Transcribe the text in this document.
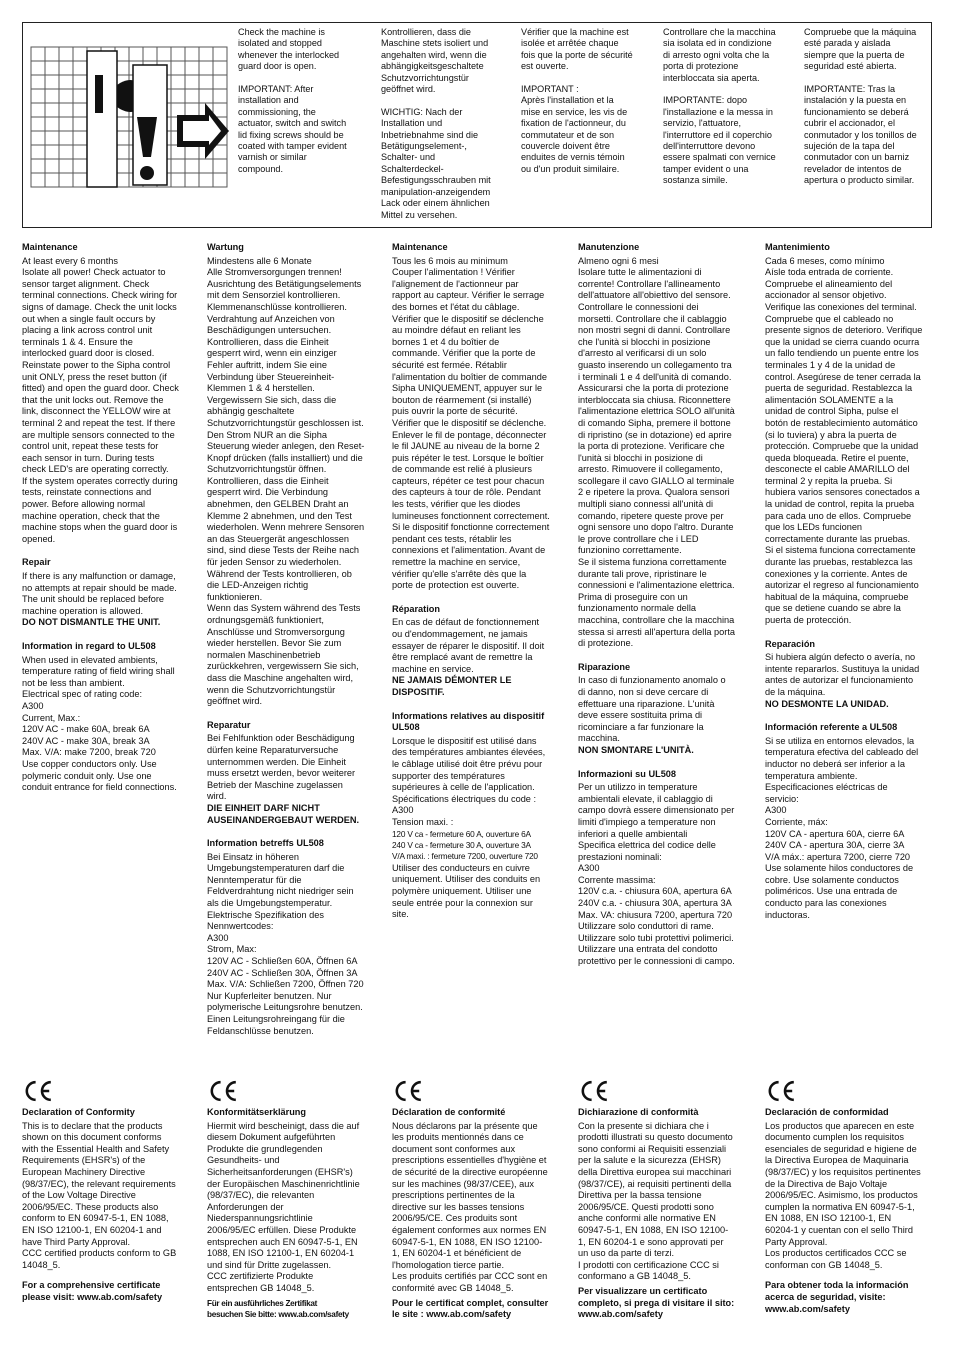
Check the machine is
isolated and stopped
whenever the interlocked
guard door is open.

IMPORTANT: After
installation and
commissioning, the
actuator, switch and switch
lid fixing screws should be
coated with tamper evident
varnish or similar
compound.
Kontrollieren, dass die
Maschine stets isoliert und
angehalten wird, wenn die
abhängigkeitsgeschaltete
Schutzvorrichtungstür
geöffnet wird.

WICHTIG: Nach der
Installation und
Inbetriebnahme sind die
Betätigungselement-,
Schalter- und
Schalterdeckel-
Befestigungsschrauben mit
manipulation-anzeigendem
Lack oder einem ähnlichen
Mittel zu versehen.
Vérifier que la machine est
isolée et arrêtée chaque
fois que la porte de sécurité
est ouverte.

IMPORTANT :
Après l'installation et la
mise en service, les vis de
fixation de l'actionneur, du
commutateur et de son
couvercle doivent être
enduites de vernis témoin
ou d'un produit similaire.
Controllare che la macchina
sia isolata ed in condizione
di arresto ogni volta che la
porta di protezione
interbloccata sia aperta.

IMPORTANTE: dopo
l'installazione e la messa in
servizio, l'attuatore,
l'interruttore ed il coperchio
dell'interruttore devono
essere spalmati con vernice
tamper evident o una
sostanza simile.
Compruebe que la máquina
esté parada y aislada
siempre que la puerta de
seguridad esté abierta.

IMPORTANTE: Tras la
instalación y la puesta en
funcionamiento se deberá
cubrir el accionador, el
conmutador y los tonillos de
sujeción de la tapa del
conmutador con un barniz
revelador de intentos de
apertura o producto similar.
Maintenance

At least every 6 months
Isolate all power! Check actuator to
sensor target alignment. Check
terminal connections. Check wiring for
signs of damage. Check the unit locks
out when a single fault occurs by
placing a link across control unit
terminals 1 & 4. Ensure the
interlocked guard door is closed.
Reinstate power to the Sipha control
unit ONLY, press the reset button (if
fitted) and open the guard door. Check
that the unit locks out. Remove the
link, disconnect the YELLOW wire at
terminal 2 and repeat the test. If there
are multiple sensors connected to the
control unit, repeat these tests for
each sensor in turn. During tests
check LED's are operating correctly.
If the system operates correctly during
tests, reinstate connections and
power. Before allowing normal
machine operation, check that the
machine stops when the guard door is
opened.

Repair

If there is any malfunction or damage,
no attempts at repair should be made.
The unit should be replaced before
machine operation is allowed.

DO NOT DISMANTLE THE UNIT.

Information in regard to UL508

When used in elevated ambients,
temperature rating of field wiring shall
not be less than ambient.
Electrical spec of rating code:
A300
Current, Max.:
120V AC - make 60A, break 6A
240V AC - make 30A, break 3A
Max. V/A: make 7200, break 720
Use copper conductors only. Use
polymeric conduit only. Use one
conduit entrance for field connections.

Wartung

Mindestens alle 6 Monate
Alle Stromversorgungen trennen!
Ausrichtung des Betätigungselements
mit dem Sensorziel kontrollieren.
Klemmenanschlüsse kontrollieren.
Verdrahtung auf Anzeichen von
Beschädigungen untersuchen.
Kontrollieren, dass die Einheit
gesperrt wird, wenn ein einziger
Fehler auftritt, indem Sie eine
Verbindung über Steuereinheit-
Klemmen 1 & 4 herstellen.
Vergewissern Sie sich, dass die
abhängig geschaltete
Schutzvorrichtungstür geschlossen ist.
Den Strom NUR an die Sipha
Steuerung wieder anlegen, den Reset-
Knopf drücken (falls installiert) und die
Schutzvorrichtungstür öffnen.
Kontrollieren, dass die Einheit
gesperrt wird. Die Verbindung
abnehmen, den GELBEN Draht an
Klemme 2 abnehmen, und den Test
wiederholen. Wenn mehrere Sensoren
an das Steuergerät angeschlossen
sind, sind diese Tests der Reihe nach
für jeden Sensor zu wiederholen.
Während der Tests kontrollieren, ob
die LED-Anzeigen richtig
funktionieren.
Wenn das System während des Tests
ordnungsgemäß funktioniert,
Anschlüsse und Stromversorgung
wieder herstellen. Bevor Sie zum
normalen Maschinenbetrieb
zurückkehren, vergewissern Sie sich,
dass die Maschine angehalten wird,
wenn die Schutzvorrichtungstür
geöffnet wird.

Reparatur

Bei Fehlfunktion oder Beschädigung
dürfen keine Reparaturversuche
unternommen werden. Die Einheit
muss ersetzt werden, bevor weiterer
Betrieb der Maschine zugelassen
wird.

DIE EINHEIT DARF NICHT
AUSEINANDERGEBAUT WERDEN.

Information betreffs UL508

Bei Einsatz in höheren
Umgebungstemperaturen darf die
Nenntemperatur für die
Feldverdrahtung nicht niedriger sein
als die Umgebungstemperatur.
Elektrische Spezifikation des
Nennwertcodes:
A300
Strom, Max:
120V AC - Schließen 60A, Öffnen 6A
240V AC - Schließen 30A, Öffnen 3A
Max. V/A: Schließen 7200, Öffnen 720
Nur Kupferleiter benutzen. Nur
polymerische Leitungsrohre benutzen.
Einen Leitungsrohreingang für die
Feldanschlüsse benutzen.

Maintenance

Tous les 6 mois au minimum
Couper l'alimentation ! Vérifier
l'alignement de l'actionneur par
rapport au capteur. Vérifier le serrage
des bornes et l'état du câblage.
Vérifier que le dispositif se déclenche
au moindre défaut en reliant les
bornes 1 et 4 du boîtier de
commande. Vérifier que la porte de
sécurité est fermée. Rétablir
l'alimentation du boîtier de commande
Sipha UNIQUEMENT, appuyer sur le
bouton de réarmement (si installé)
puis ouvrir la porte de sécurité.
Vérifier que le dispositif se déclenche.
Enlever le fil de pontage, déconnecter
le fil JAUNE au niveau de la borne 2
puis répéter le test. Lorsque le boîtier
de commande est relié à plusieurs
capteurs, répéter ce test pour chacun
des capteurs à tour de rôle. Pendant
les tests, vérifier que les diodes
lumineuses fonctionnent correctement.
Si le dispositif fonctionne correctement
pendant ces tests, rétablir les
connexions et l'alimentation. Avant de
remettre la machine en service,
vérifier qu'elle s'arrête dès que la
porte de protection est ouverte.

Réparation

En cas de défaut de fonctionnement
ou d'endommagement, ne jamais
essayer de réparer le dispositif. Il doit
être remplacé avant de remettre la
machine en service.

NE JAMAIS DÉMONTER LE
DISPOSITIF.

Informations relatives au dispositif
UL508

Lorsque le dispositif est utilisé dans
des températures ambiantes élevées,
le câblage utilisé doit être prévu pour
supporter des températures
supérieures à celle de l'application.
Spécifications électriques du code :
A300
Tension maxi. :

120 V ca - fermeture 60 A, ouverture 6A
240 V ca - fermeture 30 A, ouverture 3A
V/A maxi. : fermeture 7200, ouverture 720

Utiliser des conducteurs en cuivre
uniquement. Utiliser des conduits en
polymère uniquement. Utiliser une
seule entrée pour la connexion sur
site.

Manutenzione

Almeno ogni 6 mesi
Isolare tutte le alimentazioni di
corrente! Controllare l'allineamento
dell'attuatore all'obiettivo del sensore.
Controllare le connessioni dei
morsetti. Controllare che il cablaggio
non mostri segni di danni. Controllare
che l'unità si blocchi in posizione
d'arresto al verificarsi di un solo
guasto inserendo un collegamento tra
i terminali 1 e 4 dell'unità di comando.
Assicurarsi che la porta di protezione
interbloccata sia chiusa. Riconnettere
l'alimentazione elettrica SOLO all'unità
di comando Sipha, premere il bottone
di ripristino (se in dotazione) ed aprire
la porta di protezione. Verificare che
l'unità si blocchi in posizione di
arresto. Rimuovere il collegamento,
scollegare il cavo GIALLO al terminale
2 e ripetere la prova. Qualora sensori
multipli siano connessi all'unità di
comando, ripetere queste prove per
ogni sensore uno dopo l'altro. Durante
le prove controllare che i LED
funzionino correttamente.
Se il sistema funziona correttamente
durante tali prove, ripristinare le
connessioni e l'alimentazione elettrica.
Prima di proseguire con un
funzionamento normale della
macchina, controllare che la macchina
stessa si arresti all'apertura della porta
di protezione.

Riparazione

In caso di funzionamento anomalo o
di danno, non si deve cercare di
effettuare una riparazione. L'unità
deve essere sostituita prima di
ricominciare a far funzionare la
macchina.

NON SMONTARE L'UNITÀ.

Informazioni su UL508

Per un utilizzo in temperature
ambientali elevate, il cablaggio di
campo dovrà essere dimensionato per
limiti d'impiego a temperature non
inferiori a quelle ambientali
Specifica elettrica del codice delle
prestazioni nominali:
A300
Corrente massima:
120V c.a. - chiusura 60A, apertura 6A
240V c.a. - chiusura 30A, apertura 3A
Max. VA: chiusura 7200, apertura 720
Utilizzare solo conduttori di rame.
Utilizzare solo tubi protettivi polimerici.
Utilizzare una entrata del condotto
protettivo per le connessioni di campo.

Mantenimiento

Cada 6 meses, como mínimo
Aísle toda entrada de corriente.
Compruebe el alineamiento del
accionador al sensor objetivo.
Verifique las conexiones del terminal.
Compruebe que el cableado no
presente signos de deterioro. Verifique
que la unidad se cierra cuando ocurra
un fallo tendiendo un puente entre los
terminales 1 y 4 de la unidad de
control. Asegúrese de tener cerrada la
puerta de seguridad. Restablezca la
alimentación SOLAMENTE a la
unidad de control Sipha, pulse el
botón de restablecimiento automático
(si lo tuviera) y abra la puerta de
protección. Compruebe que la unidad
queda bloqueada. Retire el puente,
desconecte el cable AMARILLO del
terminal 2 y repita la prueba. Si
hubiera varios sensores conectados a
la unidad de control, repita la prueba
para cada uno de ellos. Compruebe
que los LEDs funcionen
correctamente durante las pruebas.
Si el sistema funciona correctamente
durante las pruebas, restablezca las
conexiones y la corriente. Antes de
autorizar el regreso al funcionamiento
habitual de la máquina, compruebe
que se detiene cuando se abre la
puerta de protección.

Reparación

Si hubiera algún defecto o avería, no
intente repararlos. Sustituya la unidad
antes de autorizar el funcionamiento
de la máquina.

NO DESMONTE LA UNIDAD.

Información referente a UL508

Si se utiliza en entornos elevados, la
temperatura efectiva del cableado del
inductor no deberá ser inferior a la
temperatura ambiente.
Especificaciones eléctricas de
servicio:
A300
Corriente, máx:
120V CA - apertura 60A, cierre 6A
240V CA - apertura 30A, cierre 3A
V/A máx.: apertura 7200, cierre 720
Use solamente hilos conductores de
cobre. Use solamente conductos
poliméricos. Use una entrada de
conducto para las conexiones
inductoras.

Declaration of Conformity

This is to declare that the products
shown on this document conforms
with the Essential Health and Safety
Requirements (EHSR's) of the
European Machinery Directive
(98/37/EC), the relevant requirements
of the Low Voltage Directive
2006/95/EC. These products also
conform to EN 60947-5-1, EN 1088,
EN ISO 12100-1, EN 60204-1 and
have Third Party Approval.
CCC certified products conform to GB
14048_5.

For a comprehensive certificate
please visit: www.ab.com/safety

Konformitätserklärung

Hiermit wird bescheinigt, dass die auf
diesem Dokument aufgeführten
Produkte die grundlegenden
Gesundheits- und
Sicherheitsanforderungen (EHSR's)
der Europäischen Maschinenrichtlinie
(98/37/EC), die relevanten
Anforderungen der
Niederspannungsrichtlinie
2006/95/EC erfüllen. Diese Produkte
entsprechen auch EN 60947-5-1, EN
1088, EN ISO 12100-1, EN 60204-1
und sind für Dritte zugelassen.
CCC zertifizierte Produkte
entsprechen GB 14048_5.

Für ein ausführliches Zertifikat
besuchen Sie bitte: www.ab.com/safety

Déclaration de conformité

Nous déclarons par la présente que
les produits mentionnés dans ce
document sont conformes aux
prescriptions essentielles d'hygiène et
de sécurité de la directive européenne
sur les machines (98/37/CEE), aux
prescriptions pertinentes de la
directive sur les basses tensions
2006/95/CE. Ces produits sont
également conformes aux normes EN
60947-5-1, EN 1088, EN ISO 12100-
1, EN 60204-1 et bénéficient de
l'homologation tierce partie.
Les produits certifiés par CCC sont en
conformité avec GB 14048_5.

Pour le certificat complet, consulter
le site : www.ab.com/safety

Dichiarazione di conformità

Con la presente si dichiara che i
prodotti illustrati su questo documento
sono conformi ai Requisiti essenziali
per la salute e la sicurezza (EHSR)
della Direttiva europea sui macchinari
(98/37/CE), ai requisiti pertinenti della
Direttiva per la bassa tensione
2006/95/CE. Questi prodotti sono
anche conformi alle normative EN
60947-5-1, EN 1088, EN ISO 12100-
1, EN 60204-1 e sono approvati per
un uso da parte di terzi.
I prodotti con certificazione CCC si
conformano a GB 14048_5.

Per visualizzare un certificato
completo, si prega di visitare il sito:
www.ab.com/safety

Declaración de conformidad

Los productos que aparecen en este
documento cumplen los requisitos
esenciales de seguridad e higiene de
la Directiva Europea de Maquinaria
(98/37/EC) y los requisitos pertinentes
de la Directiva de Bajo Voltaje
2006/95/EC. Asimismo, los productos
cumplen la normativa EN 60947-5-1,
EN 1088, EN ISO 12100-1, EN
60204-1 y cuentan con el sello Third
Party Approval.
Los productos certificados CCC se
conforman con GB 14048_5.

Para obtener toda la información
acerca de seguridad, visite:
www.ab.com/safety
